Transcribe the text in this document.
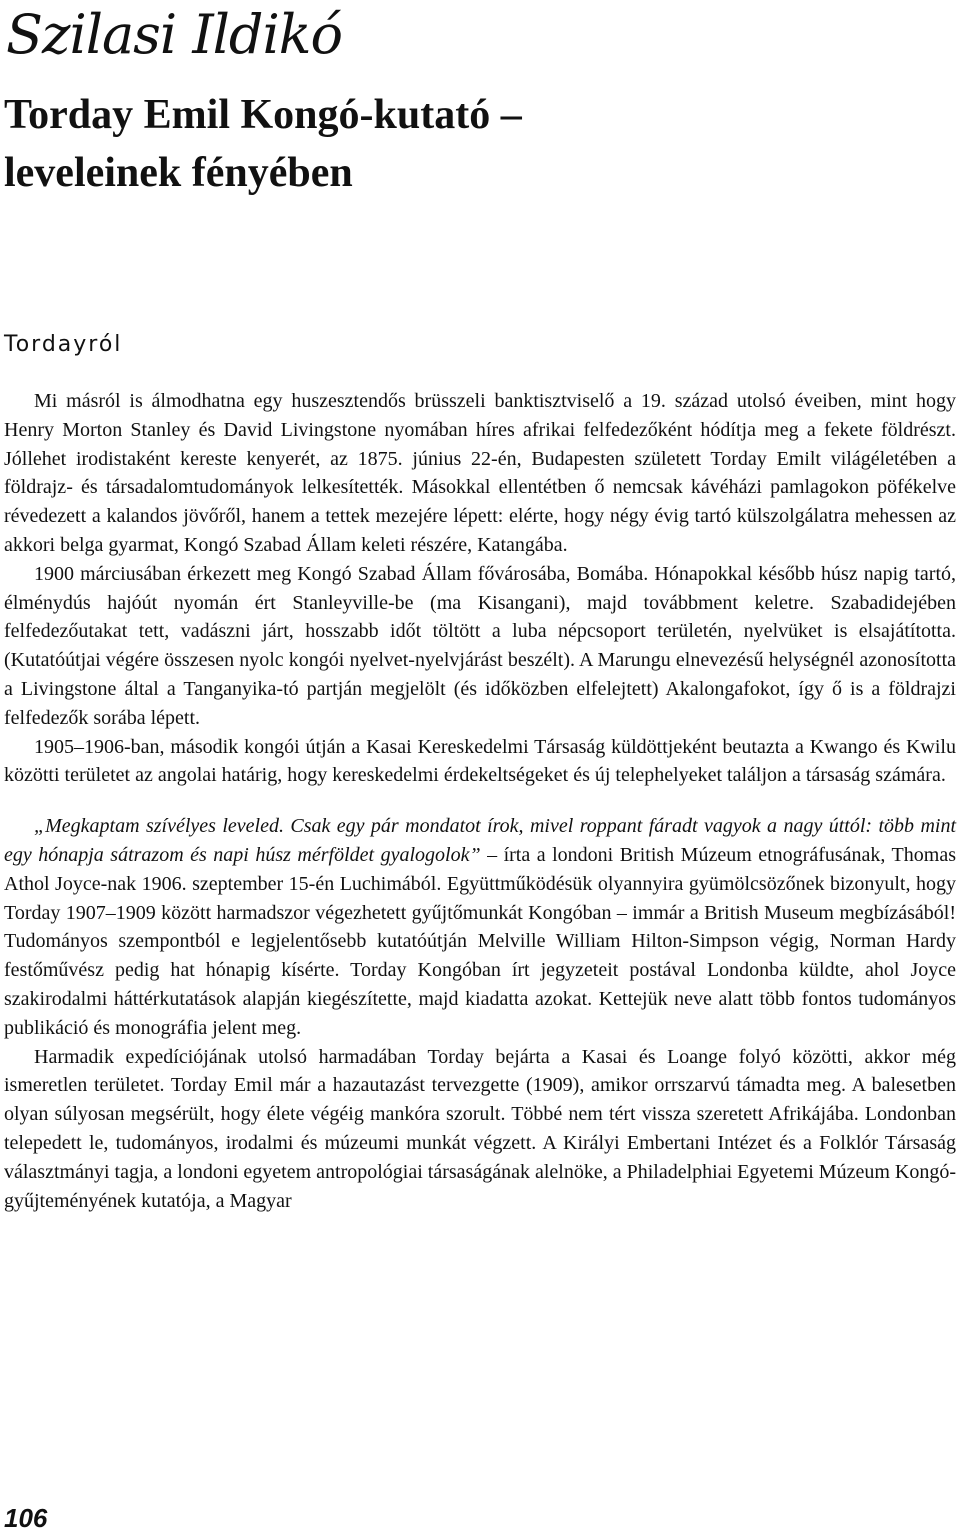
Szilasi Ildikó
Torday Emil Kongó-kutató –
leveleinek fényében
Tordayról

Mi másról is álmodhatna egy huszesztendős brüsszeli banktisztviselő a 19. század utolsó éveiben, mint hogy Henry Morton Stanley és David Livingstone nyomában híres afrikai felfedezőként hódítja meg a fekete földrészt. Jóllehet irodistaként kereste kenyerét, az 1875. június 22-én, Budapesten született Torday Emilt világéletében a földrajz- és társadalomtudományok lelkesítették. Másokkal ellentétben ő nemcsak kávéházi pamlagokon pöfékelve révedezett a kalandos jövőről, hanem a tettek mezejére lépett: elérte, hogy négy évig tartó külszolgálatra mehessen az akkori belga gyarmat, Kongó Szabad Állam keleti részére, Katangába.

1900 márciusában érkezett meg Kongó Szabad Állam fővárosába, Bomába. Hónapokkal később húsz napig tartó, élménydús hajóút nyomán ért Stanleyville-be (ma Kisangani), majd továbbment keletre. Szabadidejében felfedezőutakat tett, vadászni járt, hosszabb időt töltött a luba népcsoport területén, nyelvüket is elsajátította. (Kutatóútjai végére összesen nyolc kongói nyelvet-nyelvjárást beszélt). A Marungu elnevezésű helységnél azonosította a Livingstone által a Tanganyika-tó partján megjelölt (és időközben elfelejtett) Akalongafokot, így ő is a földrajzi felfedezők sorába lépett.

1905–1906-ban, második kongói útján a Kasai Kereskedelmi Társaság küldöttjeként beutazta a Kwango és Kwilu közötti területet az angolai határig, hogy kereskedelmi érdekeltségeket és új telephelyeket találjon a társaság számára.

„Megkaptam szívélyes leveled. Csak egy pár mondatot írok, mivel roppant fáradt vagyok a nagy úttól: több mint egy hónapja sátrazom és napi húsz mérföldet gyalogolok” – írta a londoni British Múzeum etnográfusának, Thomas Athol Joyce-nak 1906. szeptember 15-én Luchimából. Együttműködésük olyannyira gyümölcsözőnek bizonyult, hogy Torday 1907–1909 között harmadszor végezhetett gyűjtőmunkát Kongóban – immár a British Museum megbízásából! Tudományos szempontból e legjelentősebb kutatóútján Melville William Hilton-Simpson végig, Norman Hardy festőművész pedig hat hónapig kísérte. Torday Kongóban írt jegyzeteit postával Londonba küldte, ahol Joyce szakirodalmi háttérkutatások alapján kiegészítette, majd kiadatta azokat. Kettejük neve alatt több fontos tudományos publikáció és monográfia jelent meg.

Harmadik expedíciójának utolsó harmadában Torday bejárta a Kasai és Loange folyó közötti, akkor még ismeretlen területet. Torday Emil már a hazautazást tervezgette (1909), amikor orrszarvú támadta meg. A balesetben olyan súlyosan megsérült, hogy élete végéig mankóra szorult. Többé nem tért vissza szeretett Afrikájába. Londonban telepedett le, tudományos, irodalmi és múzeumi munkát végzett. A Királyi Embertani Intézet és a Folklór Társaság választmányi tagja, a londoni egyetem antropológiai társaságának alelnöke, a Philadelphiai Egyetemi Múzeum Kongó-gyűjteményének kutatója, a Magyar

106
